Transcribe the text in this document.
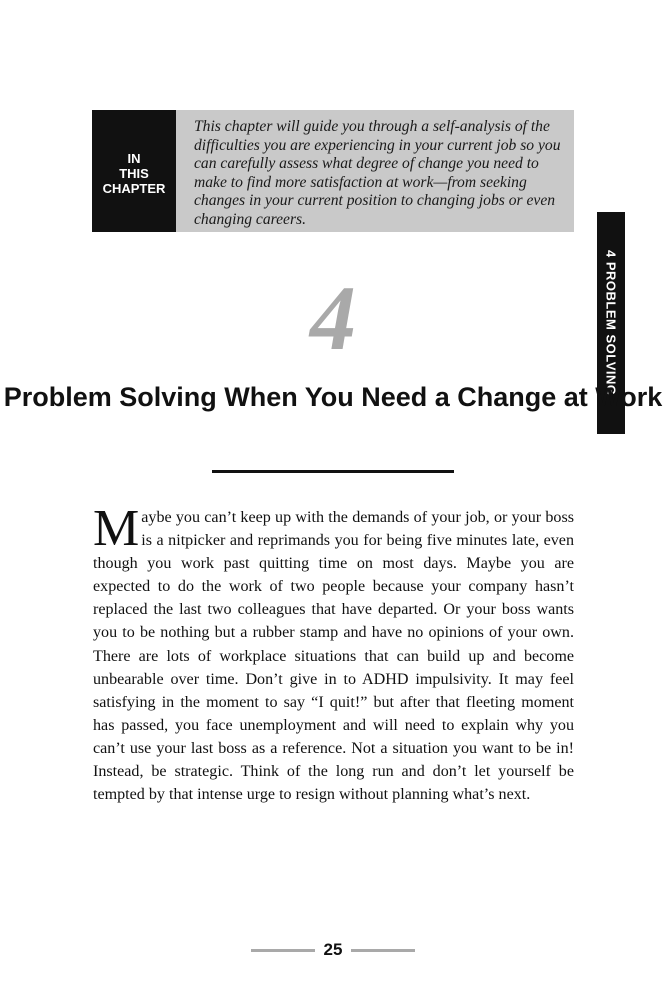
IN
THIS
CHAPTER
This chapter will guide you through a self-analysis of the difficulties you are experiencing in your current job so you can carefully assess what degree of change you need to make to find more satisfaction at work—from seeking changes in your current position to changing jobs or even changing careers.
4 PROBLEM SOLVING
4
Problem Solving When You Need a Change at Work

Maybe you can’t keep up with the demands of your job, or your boss is a nitpicker and reprimands you for being five minutes late, even though you work past quitting time on most days. Maybe you are expected to do the work of two people because your company hasn’t replaced the last two colleagues that have departed. Or your boss wants you to be nothing but a rubber stamp and have no opinions of your own. There are lots of workplace situations that can build up and become unbearable over time. Don’t give in to ADHD impulsivity. It may feel satisfying in the moment to say “I quit!” but after that fleeting moment has passed, you face unemployment and will need to explain why you can’t use your last boss as a reference. Not a situation you want to be in! Instead, be strategic. Think of the long run and don’t let yourself be tempted by that intense urge to resign without planning what’s next.

25
